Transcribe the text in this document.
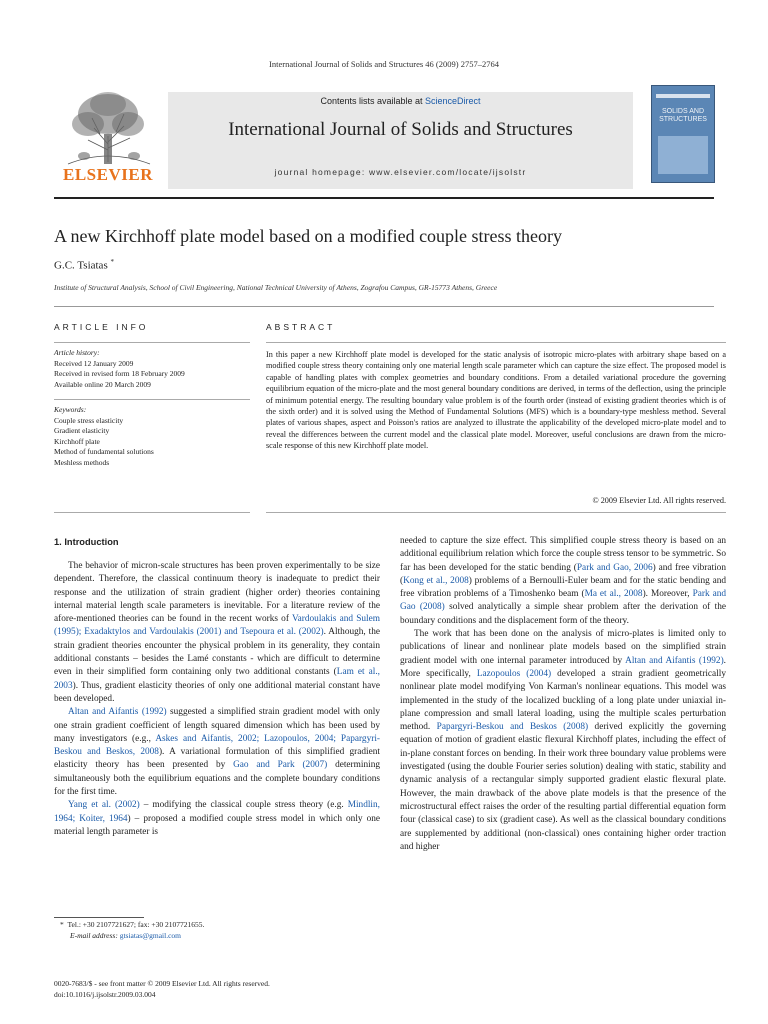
International Journal of Solids and Structures 46 (2009) 2757–2764
ELSEVIER
Contents lists available at ScienceDirect
International Journal of Solids and Structures
journal homepage: www.elsevier.com/locate/ijsolstr
SOLIDS AND STRUCTURES
A new Kirchhoff plate model based on a modified couple stress theory
G.C. Tsiatas *
Institute of Structural Analysis, School of Civil Engineering, National Technical University of Athens, Zografou Campus, GR-15773 Athens, Greece
ARTICLE INFO	ABSTRACT
Article history:
Received 12 January 2009
Received in revised form 18 February 2009
Available online 20 March 2009
Keywords:
Couple stress elasticity
Gradient elasticity
Kirchhoff plate
Method of fundamental solutions
Meshless methods
In this paper a new Kirchhoff plate model is developed for the static analysis of isotropic micro-plates with arbitrary shape based on a modified couple stress theory containing only one material length scale parameter which can capture the size effect. The proposed model is capable of handling plates with complex geometries and boundary conditions. From a detailed variational procedure the governing equilibrium equation of the micro-plate and the most general boundary conditions are derived, in terms of the deflection, using the principle of minimum potential energy. The resulting boundary value problem is of the fourth order (instead of existing gradient theories which is of the sixth order) and it is solved using the Method of Fundamental Solutions (MFS) which is a boundary-type meshless method. Several plates of various shapes, aspect and Poisson's ratios are analyzed to illustrate the applicability of the developed micro-plate model and to reveal the differences between the current model and the classical plate model. Moreover, useful conclusions are drawn from the micro-scale response of this new Kirchhoff plate model.
© 2009 Elsevier Ltd. All rights reserved.
1. Introduction

The behavior of micron-scale structures has been proven experimentally to be size dependent. Therefore, the classical continuum theory is inadequate to predict their response and the utilization of strain gradient (higher order) theories containing internal material length scale parameters is inevitable. For a literature review of the afore-mentioned theories can be found in the recent works of Vardoulakis and Sulem (1995); Exadaktylos and Vardoulakis (2001) and Tsepoura et al. (2002). Although, the strain gradient theories encounter the physical problem in its generality, they contain additional constants – besides the Lamé constants - which are difficult to determine even in their simplified form containing only two additional constants (Lam et al., 2003). Thus, gradient elasticity theories of only one additional material constant have been developed.

Altan and Aifantis (1992) suggested a simplified strain gradient model with only one strain gradient coefficient of length squared dimension which has been used by many investigators (e.g., Askes and Aifantis, 2002; Lazopoulos, 2004; Papargyri-Beskou and Beskos, 2008). A variational formulation of this simplified gradient elasticity theory has been presented by Gao and Park (2007) determining simultaneously both the equilibrium equations and the complete boundary conditions for the first time.

Yang et al. (2002) – modifying the classical couple stress theory (e.g. Mindlin, 1964; Koiter, 1964) – proposed a modified couple stress model in which only one material length parameter is

needed to capture the size effect. This simplified couple stress theory is based on an additional equilibrium relation which force the couple stress tensor to be symmetric. So far has been developed for the static bending (Park and Gao, 2006) and free vibration (Kong et al., 2008) problems of a Bernoulli-Euler beam and for the static bending and free vibration problems of a Timoshenko beam (Ma et al., 2008). Moreover, Park and Gao (2008) solved analytically a simple shear problem after the derivation of the boundary conditions and the displacement form of the theory.

The work that has been done on the analysis of micro-plates is limited only to publications of linear and nonlinear plate models based on the simplified strain gradient model with one internal parameter introduced by Altan and Aifantis (1992). More specifically, Lazopoulos (2004) developed a strain gradient geometrically nonlinear plate model modifying Von Karman's nonlinear equations. This model was implemented in the study of the localized buckling of a long plate under uniaxial in-plane compression and small lateral loading, using the multiple scales perturbation method. Papargyri-Beskou and Beskos (2008) derived explicitly the governing equation of motion of gradient elastic flexural Kirchhoff plates, including the effect of in-plane constant forces on bending. In their work three boundary value problems were investigated (using the double Fourier series solution) dealing with static, stability and dynamic analysis of a rectangular simply supported gradient elastic flexural plate. However, the main drawback of the above plate models is that the presence of the microstructural effect raises the order of the resulting partial differential equation form four (classical case) to six (gradient case). As well as the classical boundary conditions are supplemented by additional (non-classical) ones containing higher order traction and higher

* Tel.: +30 2107721627; fax: +30 2107721655.
E-mail address: gtsiatas@gmail.com
0020-7683/$ - see front matter © 2009 Elsevier Ltd. All rights reserved.
doi:10.1016/j.ijsolstr.2009.03.004
